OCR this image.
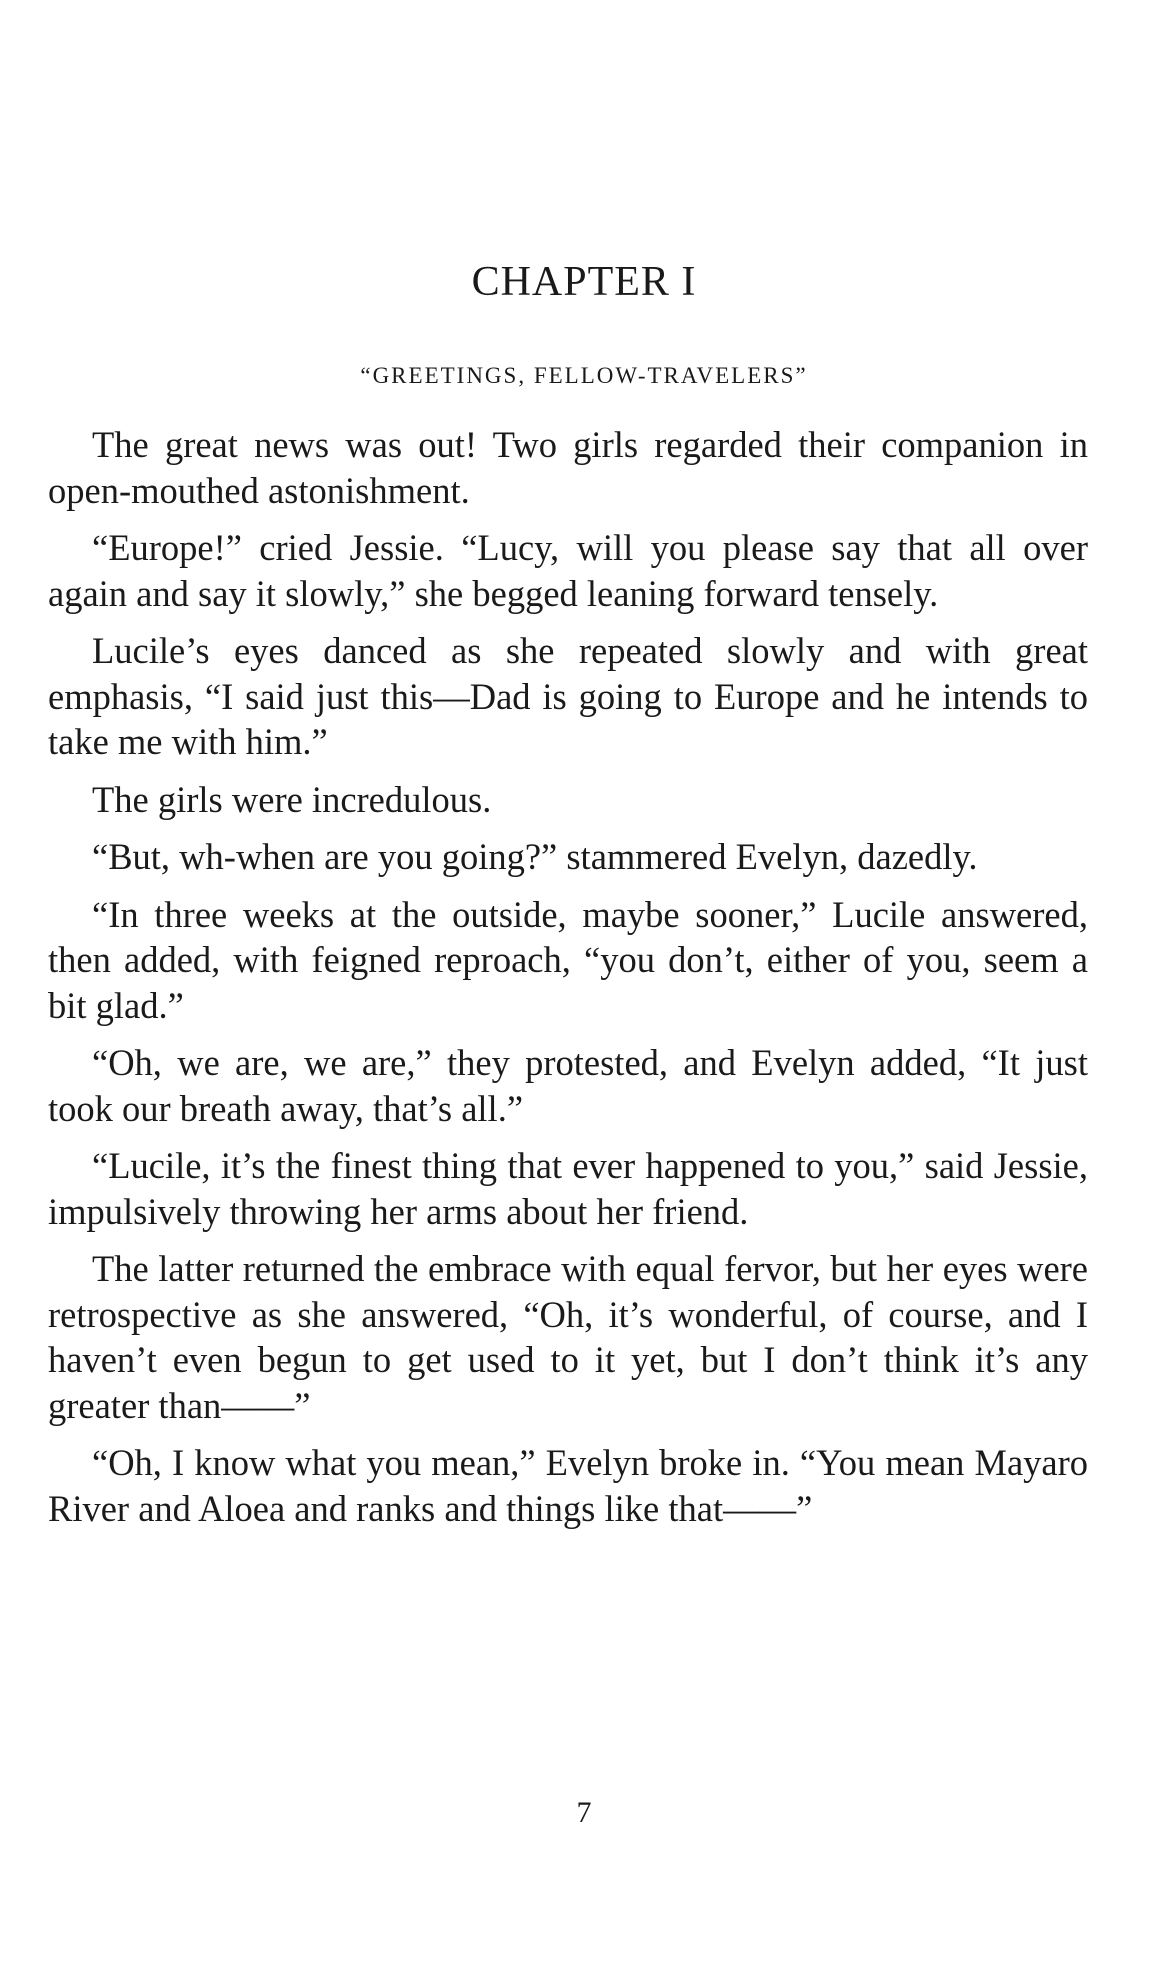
CHAPTER I
“GREETINGS, FELLOW-TRAVELERS”

The great news was out! Two girls regarded their companion in open-mouthed astonishment.

“Europe!” cried Jessie. “Lucy, will you please say that all over again and say it slowly,” she begged leaning forward tensely.

Lucile’s eyes danced as she repeated slowly and with great emphasis, “I said just this—Dad is going to Europe and he intends to take me with him.”

The girls were incredulous.

“But, wh-when are you going?” stammered Evelyn, dazedly.

“In three weeks at the outside, maybe sooner,” Lucile answered, then added, with feigned reproach, “you don’t, either of you, seem a bit glad.”

“Oh, we are, we are,” they protested, and Evelyn added, “It just took our breath away, that’s all.”

“Lucile, it’s the finest thing that ever happened to you,” said Jessie, impulsively throwing her arms about her friend.

The latter returned the embrace with equal fervor, but her eyes were retrospective as she answered, “Oh, it’s wonderful, of course, and I haven’t even begun to get used to it yet, but I don’t think it’s any greater than——”

“Oh, I know what you mean,” Evelyn broke in. “You mean Mayaro River and Aloea and ranks and things like that——”

7
